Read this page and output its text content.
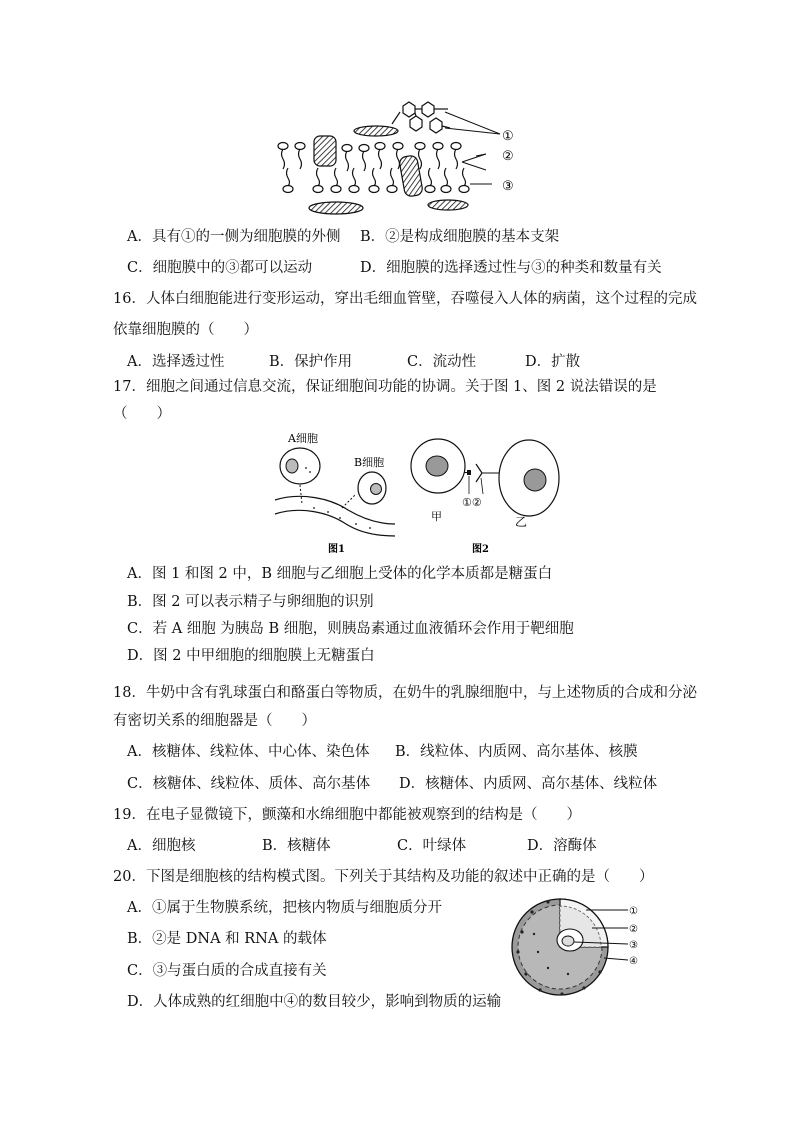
①
②
③
A．具有①的一侧为细胞膜的外侧 B．②是构成细胞膜的基本支架
C．细胞膜中的③都可以运动	D．细胞膜的选择透过性与③的种类和数量有关
16．人体白细胞能进行变形运动，穿出毛细血管壁，吞噬侵入人体的病菌，这个过程的完成
依靠细胞膜的（　　）
A．选择透过性	B．保护作用	C．流动性	D．扩散
17．细胞之间通过信息交流，保证细胞间功能的协调。关于图 1、图 2 说法错误的是
（　　）
A细胞
B细胞
图1
①②
甲	乙
图2
A．图 1 和图 2 中，B 细胞与乙细胞上受体的化学本质都是糖蛋白
B．图 2 可以表示精子与卵细胞的识别
C．若 A 细胞 为胰岛 B 细胞，则胰岛素通过血液循环会作用于靶细胞
D．图 2 中甲细胞的细胞膜上无糖蛋白
18．牛奶中含有乳球蛋白和酪蛋白等物质，在奶牛的乳腺细胞中，与上述物质的合成和分泌
有密切关系的细胞器是（　　）
A．核糖体、线粒体、中心体、染色体 B．线粒体、内质网、高尔基体、核膜
C．核糖体、线粒体、质体、高尔基体 D．核糖体、内质网、高尔基体、线粒体
19．在电子显微镜下，颤藻和水绵细胞中都能被观察到的结构是（　　）
A．细胞核	B．核糖体	C．叶绿体	D．溶酶体
20．下图是细胞核的结构模式图。下列关于其结构及功能的叙述中正确的是（　　）
A．①属于生物膜系统，把核内物质与细胞质分开
B．②是 DNA 和 RNA 的载体
C．③与蛋白质的合成直接有关
D．人体成熟的红细胞中④的数目较少，影响到物质的运输
①
②
③
④
